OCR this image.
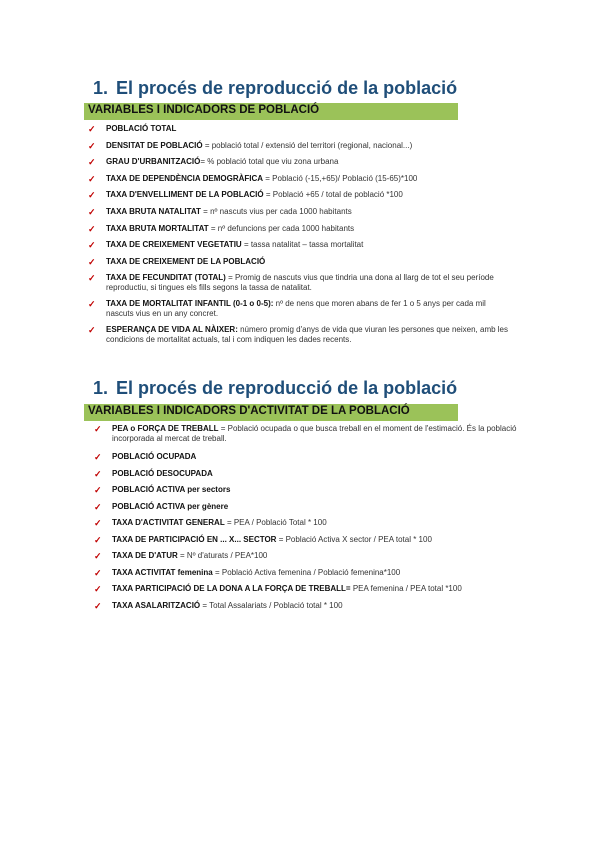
1. El procés de reproducció de la població
VARIABLES I INDICADORS DE POBLACIÓ
✓ POBLACIÓ TOTAL
✓ DENSITAT DE POBLACIÓ = població total / extensió del territori (regional, nacional...)
✓ GRAU D'URBANITZACIÓ= % població total que viu zona urbana
✓ TAXA DE DEPENDÈNCIA DEMOGRÀFICA = Població (-15,+65)/ Població (15-65)*100
✓ TAXA D'ENVELLIMENT DE LA POBLACIÓ = Població +65 / total de població *100
✓ TAXA BRUTA NATALITAT = nº nascuts vius per cada 1000 habitants
✓ TAXA BRUTA MORTALITAT = nº defuncions per cada 1000 habitants
✓ TAXA DE CREIXEMENT VEGETATIU = tassa natalitat – tassa mortalitat
✓ TAXA DE CREIXEMENT DE LA POBLACIÓ
✓ TAXA DE FECUNDITAT (TOTAL) = Promig de nascuts vius que tindria una dona al llarg de tot el seu període reproductiu, si tingues els fills segons la tassa de natalitat.
✓ TAXA DE MORTALITAT INFANTIL (0-1 o 0-5): nº de nens que moren abans de fer 1 o 5 anys per cada mil nascuts vius en un any concret.
✓ ESPERANÇA DE VIDA AL NÀIXER: número promig d'anys de vida que viuran les persones que neixen, amb les condicions de mortalitat actuals, tal i com indiquen les dades recents.
1. El procés de reproducció de la població
VARIABLES I INDICADORS D'ACTIVITAT DE LA POBLACIÓ
✓ PEA o FORÇA DE TREBALL = Població ocupada o que busca treball en el moment de l'estimació. És la població incorporada al mercat de treball.
✓ POBLACIÓ OCUPADA
✓ POBLACIÓ DESOCUPADA
✓ POBLACIÓ ACTIVA per sectors
✓ POBLACIÓ ACTIVA per gènere
✓ TAXA D'ACTIVITAT GENERAL = PEA / Població Total * 100
✓ TAXA DE PARTICIPACIÓ EN ... X... SECTOR = Població Activa X sector / PEA total * 100
✓ TAXA DE D'ATUR = Nº d'aturats / PEA*100
✓ TAXA ACTIVITAT femenina = Població Activa femenina / Població femenina*100
✓ TAXA PARTICIPACIÓ DE LA DONA A LA FORÇA DE TREBALL= PEA femenina / PEA total *100
✓ TAXA ASALARITZACIÓ = Total Assalariats / Població total * 100
